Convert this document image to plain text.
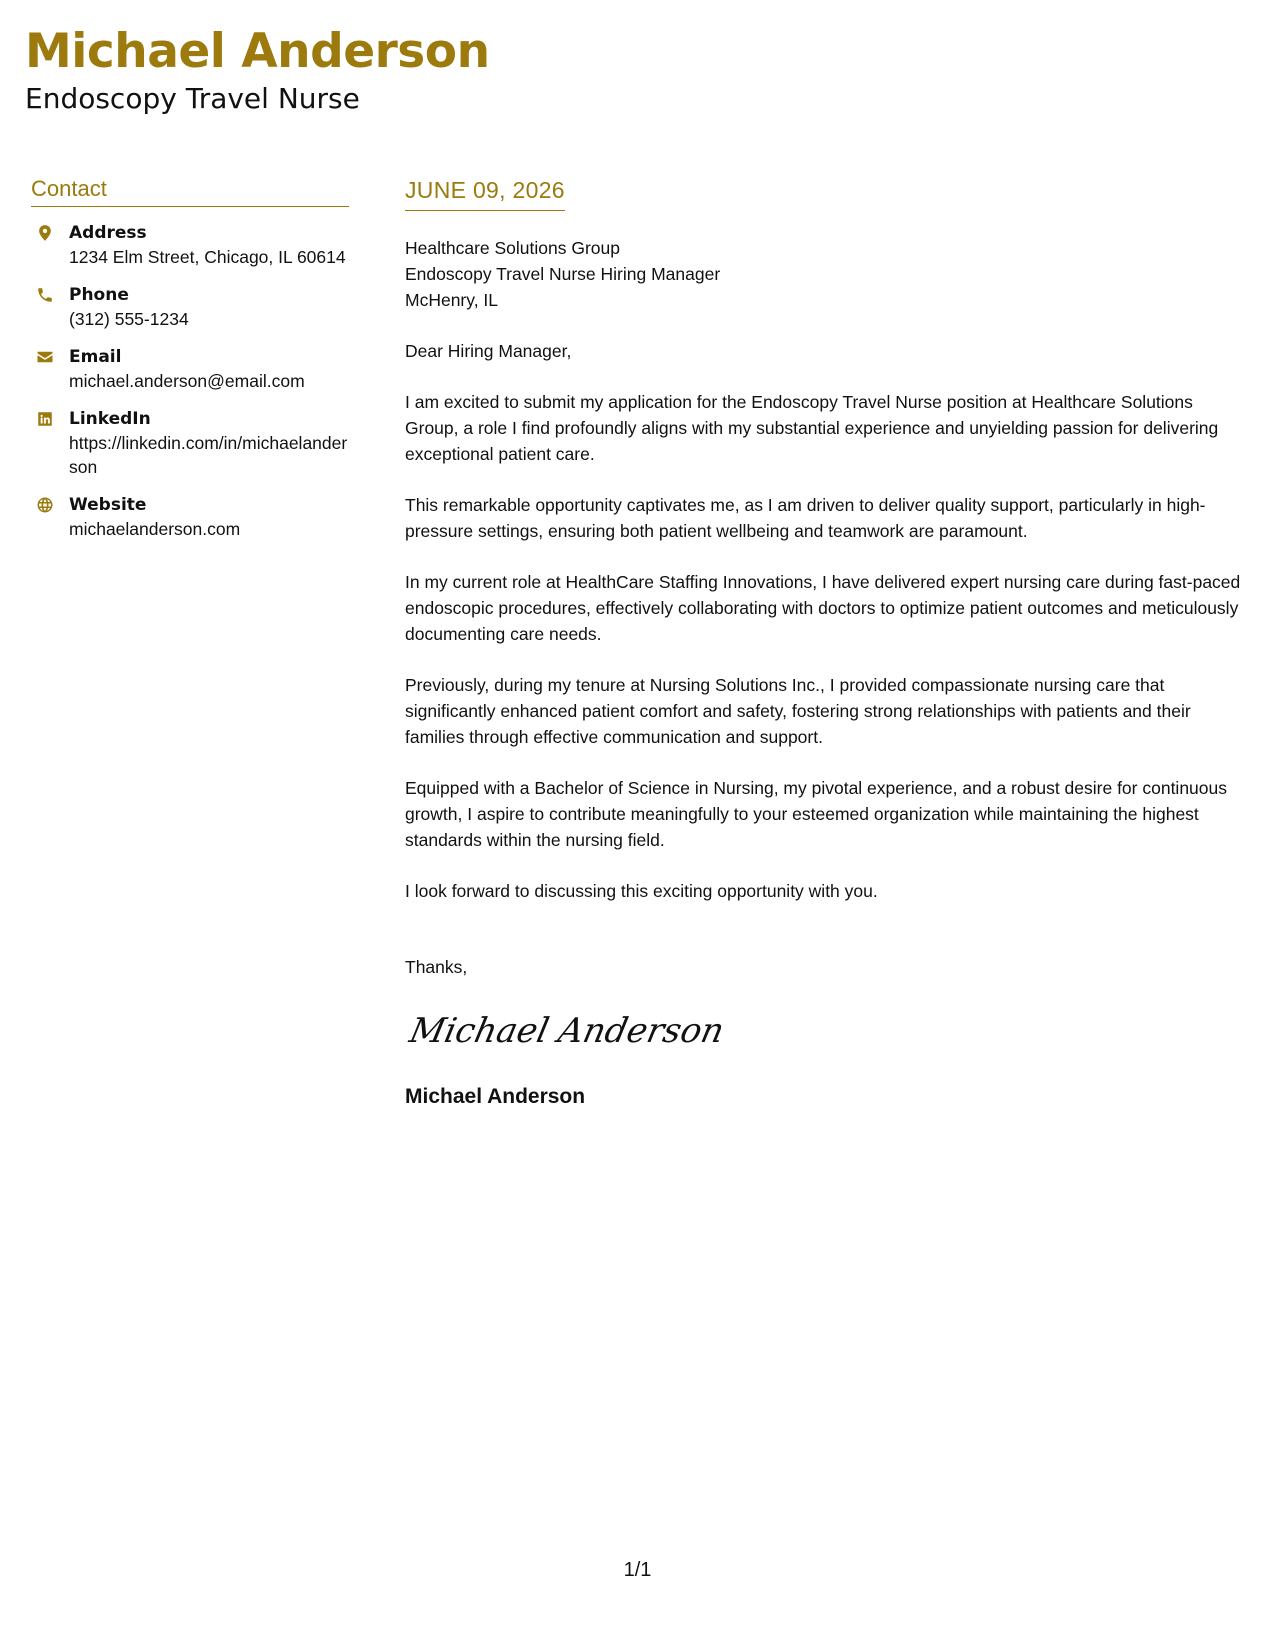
Michael Anderson
Endoscopy Travel Nurse
Contact
Address
1234 Elm Street, Chicago, IL 60614
Phone
(312) 555-1234
Email
michael.anderson@email.com
LinkedIn
https://linkedin.com/in/michaelanderson
Website
michaelanderson.com
JUNE 09, 2026
Healthcare Solutions Group
Endoscopy Travel Nurse Hiring Manager
McHenry, IL
Dear Hiring Manager,
I am excited to submit my application for the Endoscopy Travel Nurse position at Healthcare Solutions Group, a role I find profoundly aligns with my substantial experience and unyielding passion for delivering exceptional patient care.
This remarkable opportunity captivates me, as I am driven to deliver quality support, particularly in high-pressure settings, ensuring both patient wellbeing and teamwork are paramount.
In my current role at HealthCare Staffing Innovations, I have delivered expert nursing care during fast-paced endoscopic procedures, effectively collaborating with doctors to optimize patient outcomes and meticulously documenting care needs.
Previously, during my tenure at Nursing Solutions Inc., I provided compassionate nursing care that significantly enhanced patient comfort and safety, fostering strong relationships with patients and their families through effective communication and support.
Equipped with a Bachelor of Science in Nursing, my pivotal experience, and a robust desire for continuous growth, I aspire to contribute meaningfully to your esteemed organization while maintaining the highest standards within the nursing field.
I look forward to discussing this exciting opportunity with you.
Thanks,
Michael Anderson
Michael Anderson
1/1
